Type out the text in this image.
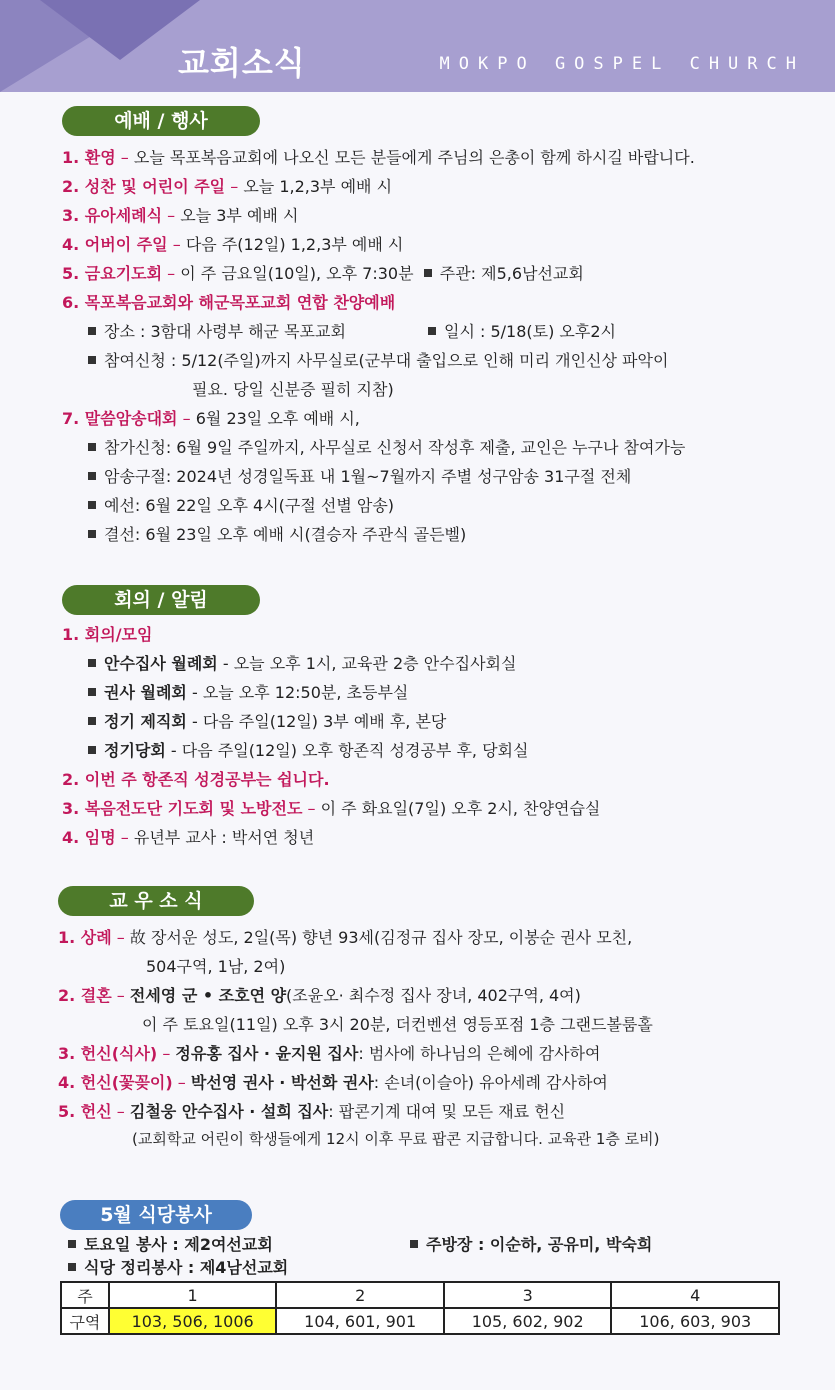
교회소식	MOKPO GOSPEL CHURCH
예배 / 행사
1. 환영 – 오늘 목포복음교회에 나오신 모든 분들에게 주님의 은총이 함께 하시길 바랍니다.
2. 성찬 및 어린이 주일 – 오늘 1,2,3부 예배 시
3. 유아세례식 – 오늘 3부 예배 시
4. 어버이 주일 – 다음 주(12일) 1,2,3부 예배 시
5. 금요기도회 – 이 주 금요일(10일), 오후 7:30분 주관: 제5,6남선교회
6. 목포복음교회와 해군목포교회 연합 찬양예배
장소 : 3함대 사령부 해군 목포교회	일시 : 5/18(토) 오후2시
참여신청 : 5/12(주일)까지 사무실로(군부대 출입으로 인해 미리 개인신상 파악이
필요. 당일 신분증 필히 지참)
7. 말씀암송대회 – 6월 23일 오후 예배 시,
참가신청: 6월 9일 주일까지, 사무실로 신청서 작성후 제출, 교인은 누구나 참여가능
암송구절: 2024년 성경일독표 내 1월~7월까지 주별 성구암송 31구절 전체
예선: 6월 22일 오후 4시(구절 선별 암송)
결선: 6월 23일 오후 예배 시(결승자 주관식 골든벨)
회의 / 알림
1. 회의/모임
안수집사 월례회 - 오늘 오후 1시, 교육관 2층 안수집사회실
권사 월례회 - 오늘 오후 12:50분, 초등부실
정기 제직회 - 다음 주일(12일) 3부 예배 후, 본당
정기당회 - 다음 주일(12일) 오후 항존직 성경공부 후, 당회실
2. 이번 주 항존직 성경공부는 쉽니다.
3. 복음전도단 기도회 및 노방전도 – 이 주 화요일(7일) 오후 2시, 찬양연습실
4. 임명 – 유년부 교사 : 박서연 청년
교 우 소 식
1. 상례 – 故 장서운 성도, 2일(목) 향년 93세(김정규 집사 장모, 이봉순 권사 모친,
504구역, 1남, 2여)
2. 결혼 – 전세영 군 • 조호연 양(조윤오· 최수정 집사 장녀, 402구역, 4여)
이 주 토요일(11일) 오후 3시 20분, 더컨벤션 영등포점 1층 그랜드볼룸홀
3. 헌신(식사) – 정유홍 집사 · 윤지원 집사: 범사에 하나님의 은혜에 감사하여
4. 헌신(꽃꽂이) – 박선영 권사 · 박선화 권사: 손녀(이슬아) 유아세례 감사하여
5. 헌신 – 김철웅 안수집사 · 설희 집사: 팝콘기계 대여 및 모든 재료 헌신
(교회학교 어린이 학생들에게 12시 이후 무료 팝콘 지급합니다. 교육관 1층 로비)
5월 식당봉사
토요일 봉사 : 제2여선교회	주방장 : 이순하, 공유미, 박숙희
식당 정리봉사 : 제4남선교회
주	1	2	3	4
구역	103, 506, 1006	104, 601, 901	105, 602, 902	106, 603, 903
